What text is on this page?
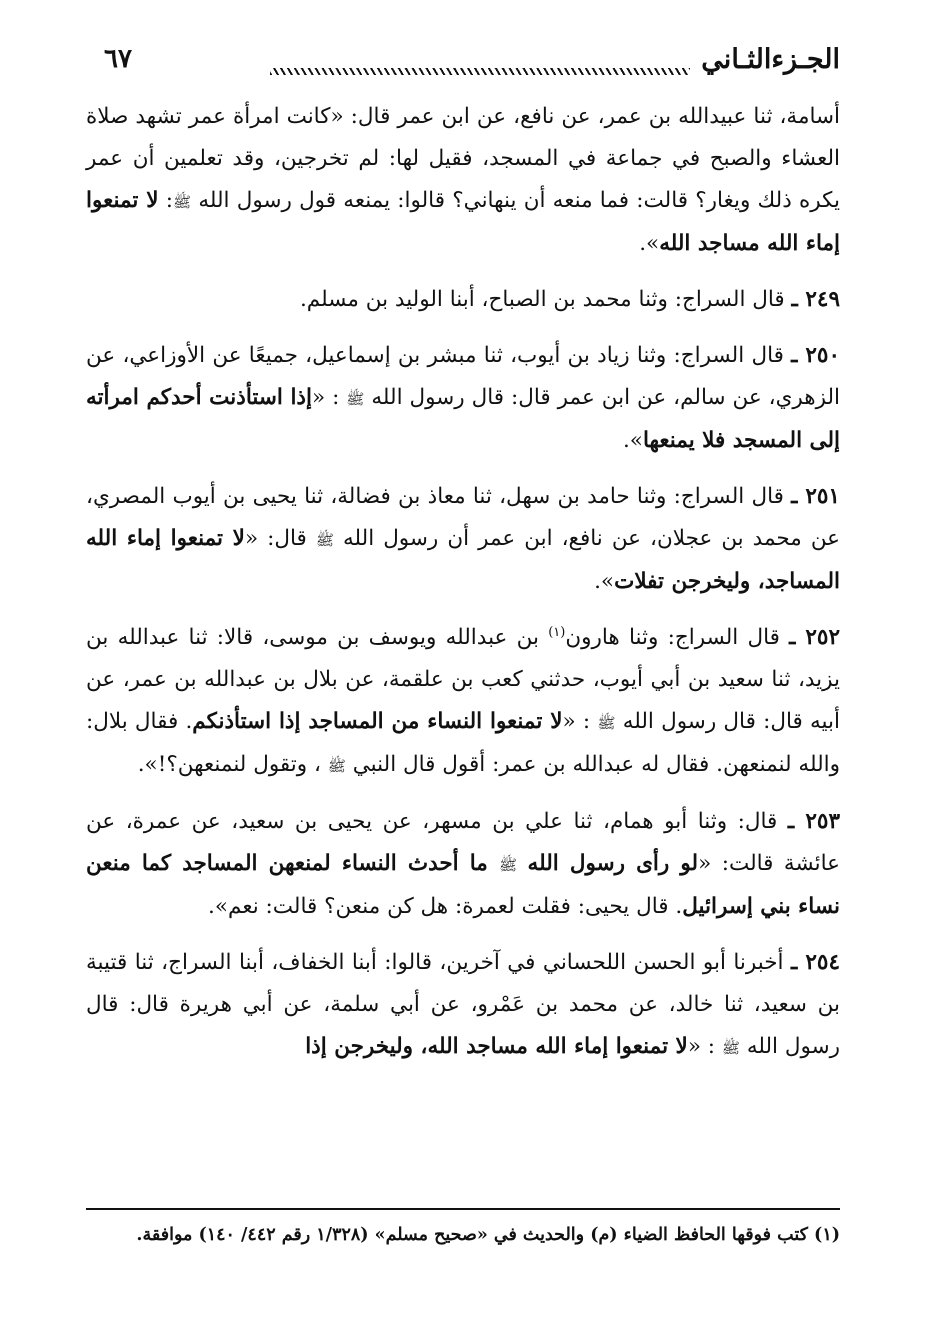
الجـزءالثـاني
٦٧

أسامة، ثنا عبيدالله بن عمر، عن نافع، عن ابن عمر قال: «كانت امرأة عمر تشهد صلاة العشاء والصبح في جماعة في المسجد، فقيل لها: لم تخرجين، وقد تعلمين أن عمر يكره ذلك ويغار؟ قالت: فما منعه أن ينهاني؟ قالوا: يمنعه قول رسول الله ﷺ: لا تمنعوا إماء الله مساجد الله».

٢٤٩ ـ قال السراج: وثنا محمد بن الصباح، أبنا الوليد بن مسلم.

٢٥٠ ـ قال السراج: وثنا زياد بن أيوب، ثنا مبشر بن إسماعيل، جميعًا عن الأوزاعي، عن الزهري، عن سالم، عن ابن عمر قال: قال رسول الله ﷺ : «إذا استأذنت أحدكم امرأته إلى المسجد فلا يمنعها».

٢٥١ ـ قال السراج: وثنا حامد بن سهل، ثنا معاذ بن فضالة، ثنا يحيى بن أيوب المصري، عن محمد بن عجلان، عن نافع، ابن عمر أن رسول الله ﷺ قال: «لا تمنعوا إماء الله المساجد، وليخرجن تفلات».

٢٥٢ ـ قال السراج: وثنا هارون$^{(١)}$ بن عبدالله ويوسف بن موسى، قالا: ثنا عبدالله بن يزيد، ثنا سعيد بن أبي أيوب، حدثني كعب بن علقمة، عن بلال بن عبدالله بن عمر، عن أبيه قال: قال رسول الله ﷺ : «لا تمنعوا النساء من المساجد إذا استأذنكم. فقال بلال: والله لنمنعهن. فقال له عبدالله بن عمر: أقول قال النبي ﷺ ، وتقول لنمنعهن؟!».

٢٥٣ ـ قال: وثنا أبو همام، ثنا علي بن مسهر، عن يحيى بن سعيد، عن عمرة، عن عائشة قالت: «لو رأى رسول الله ﷺ ما أحدث النساء لمنعهن المساجد كما منعن نساء بني إسرائيل. قال يحيى: فقلت لعمرة: هل كن منعن؟ قالت: نعم».

٢٥٤ ـ أخبرنا أبو الحسن اللحساني في آخرين، قالوا: أبنا الخفاف، أبنا السراج، ثنا قتيبة بن سعيد، ثنا خالد، عن محمد بن عَمْرو، عن أبي سلمة، عن أبي هريرة قال: قال رسول الله ﷺ : «لا تمنعوا إماء الله مساجد الله، وليخرجن إذا

(١) كتب فوقها الحافظ الضياء (م) والحديث في «صحيح مسلم» (١/٣٢٨ رقم ٤٤٢/ ١٤٠) موافقة.
